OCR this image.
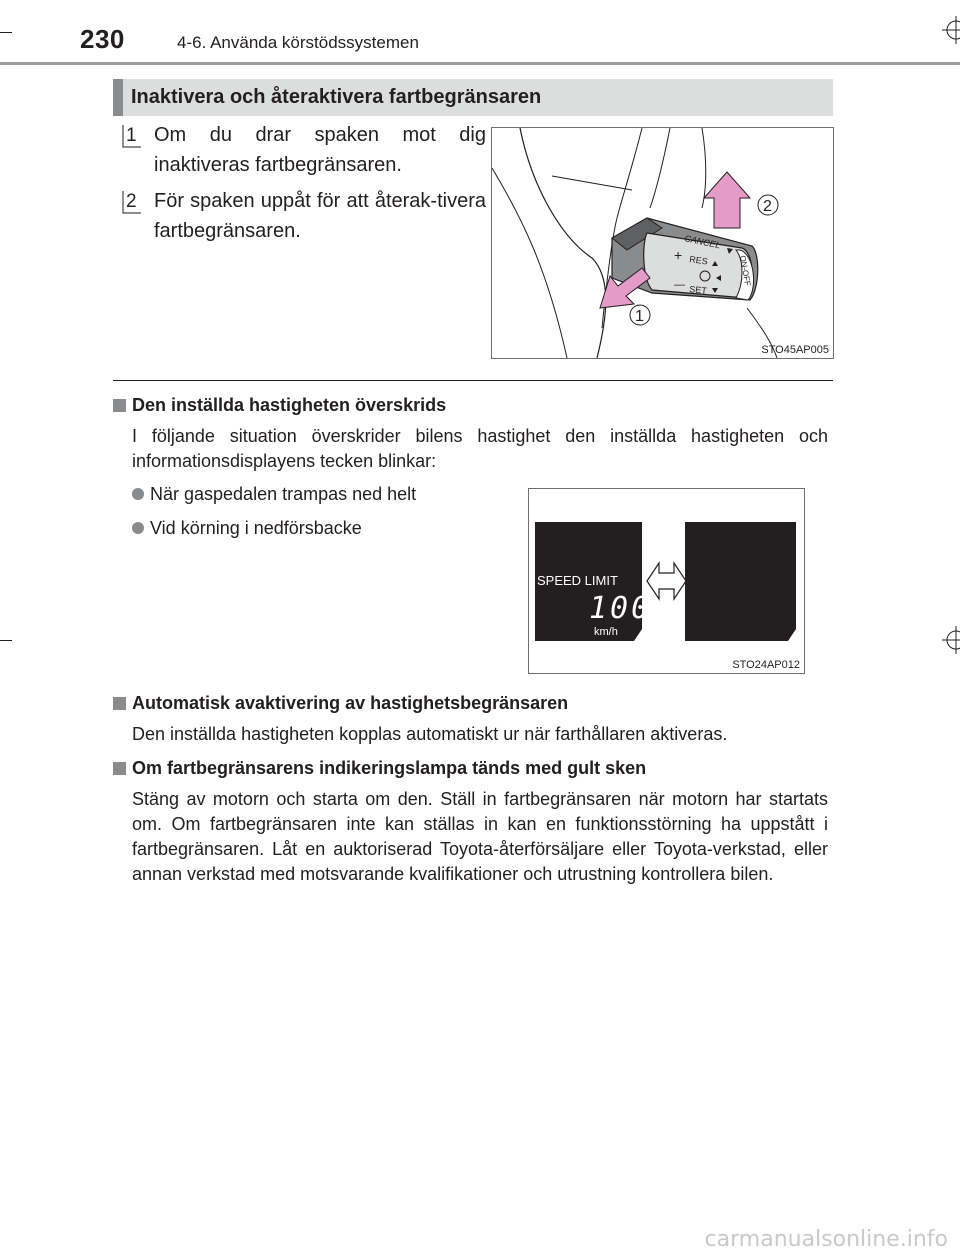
230	4-6. Använda körstödssystemen
Inaktivera och återaktivera fartbegränsaren
1 Om du drar spaken mot dig inaktiveras fartbegränsaren.
2 För spaken uppåt för att återak-tivera fartbegränsaren.	CANCEL
RES
+
SET
—	ON-OFF
2
1
STO45AP005
Den inställda hastigheten överskrids
I följande situation överskrider bilens hastighet den inställda hastigheten och informationsdisplayens tecken blinkar:
När gaspedalen trampas ned helt
Vid körning i nedförsbacke
SPEED LIMIT
100
km/h
STO24AP012
Automatisk avaktivering av hastighetsbegränsaren
Den inställda hastigheten kopplas automatiskt ur när farthållaren aktiveras.
Om fartbegränsarens indikeringslampa tänds med gult sken
Stäng av motorn och starta om den. Ställ in fartbegränsaren när motorn har startats om. Om fartbegränsaren inte kan ställas in kan en funktionsstörning ha uppstått i fartbegränsaren. Låt en auktoriserad Toyota-återförsäljare eller Toyota-verkstad, eller annan verkstad med motsvarande kvalifikationer och utrustning kontrollera bilen.
carmanualsonline.info
